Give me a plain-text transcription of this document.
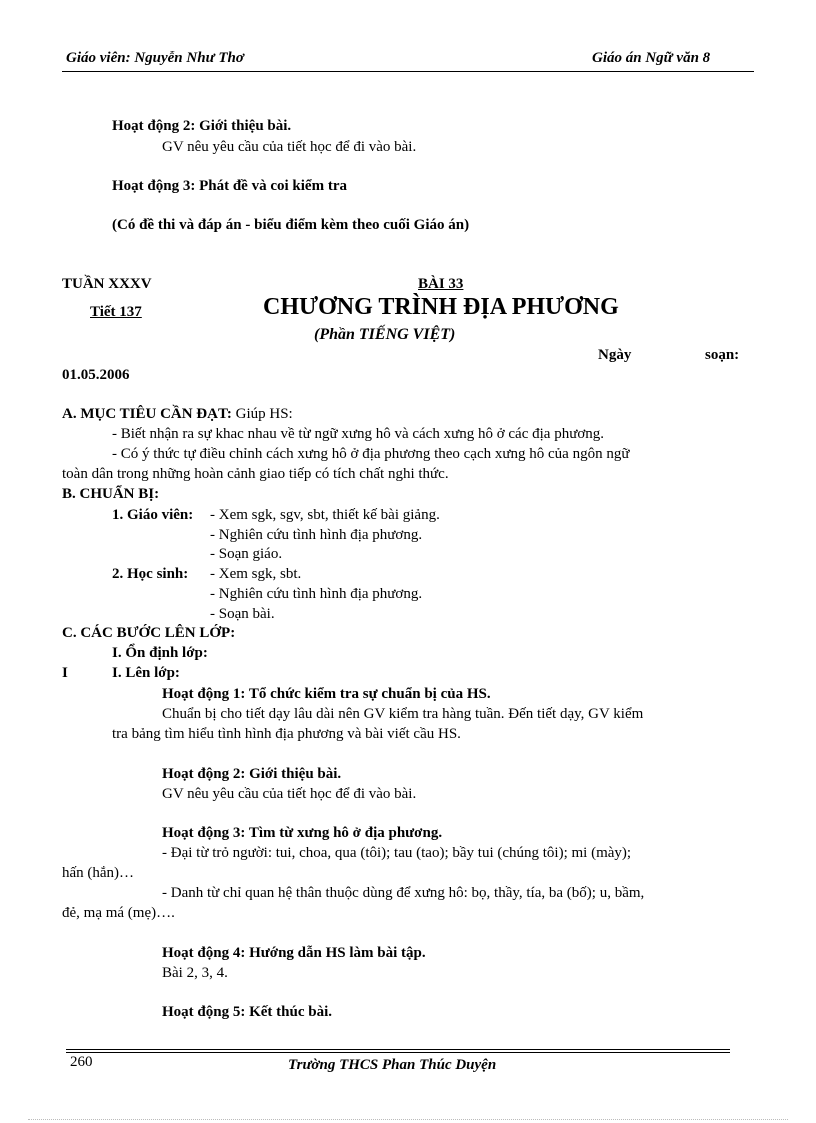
Giáo viên: Nguyễn Như Thơ	Giáo án Ngữ văn 8
Hoạt động 2: Giới thiệu bài.
GV nêu yêu cầu của tiết học để đi vào bài.
Hoạt động 3: Phát đề và coi kiểm tra
(Có đề thi và đáp án - biểu điểm kèm theo cuối Giáo án)
TUẦN XXXV	BÀI 33
Tiết 137	CHƯƠNG TRÌNH ĐỊA PHƯƠNG
(Phần TIẾNG VIỆT)
Ngày	soạn:
01.05.2006
A. MỤC TIÊU CẦN ĐẠT: Giúp HS:
- Biết nhận ra sự khac nhau về từ ngữ xưng hô và cách xưng hô ở các địa phương.
- Có ý thức tự điều chỉnh cách xưng hô ở địa phương theo cạch xưng hô của ngôn ngữ
toàn dân trong những hoàn cảnh giao tiếp có tích chất nghi thức.
B. CHUẨN BỊ:
1. Giáo viên: - Xem sgk, sgv, sbt, thiết kế bài giảng.
- Nghiên cứu tình hình địa phương.
- Soạn giáo.
2. Học sinh: - Xem sgk, sbt.
- Nghiên cứu tình hình địa phương.
- Soạn bài.
C. CÁC BƯỚC LÊN LỚP:
I. Ổn định lớp:
I	I. Lên lớp:
Hoạt động 1: Tổ chức kiểm tra sự chuẩn bị của HS.
Chuẩn bị cho tiết dạy lâu dài nên GV kiểm tra hàng tuần. Đến tiết dạy, GV kiểm
tra bảng tìm hiểu tình hình địa phương và bài viết cầu HS.
Hoạt động 2: Giới thiệu bài.
GV nêu yêu cầu của tiết học để đi vào bài.
Hoạt động 3: Tìm từ xưng hô ở địa phương.
- Đại từ trỏ người: tui, choa, qua (tôi); tau (tao); bầy tui (chúng tôi); mi (mày);
hấn (hắn)…
- Danh từ chỉ quan hệ thân thuộc dùng để xưng hô: bọ, thầy, tía, ba (bố); u, bầm,
đẻ, mạ má (mẹ)….
Hoạt động 4: Hướng dẫn HS làm bài tập.
Bài 2, 3, 4.
Hoạt động 5: Kết thúc bài.
260	Trường THCS Phan Thúc Duyện
